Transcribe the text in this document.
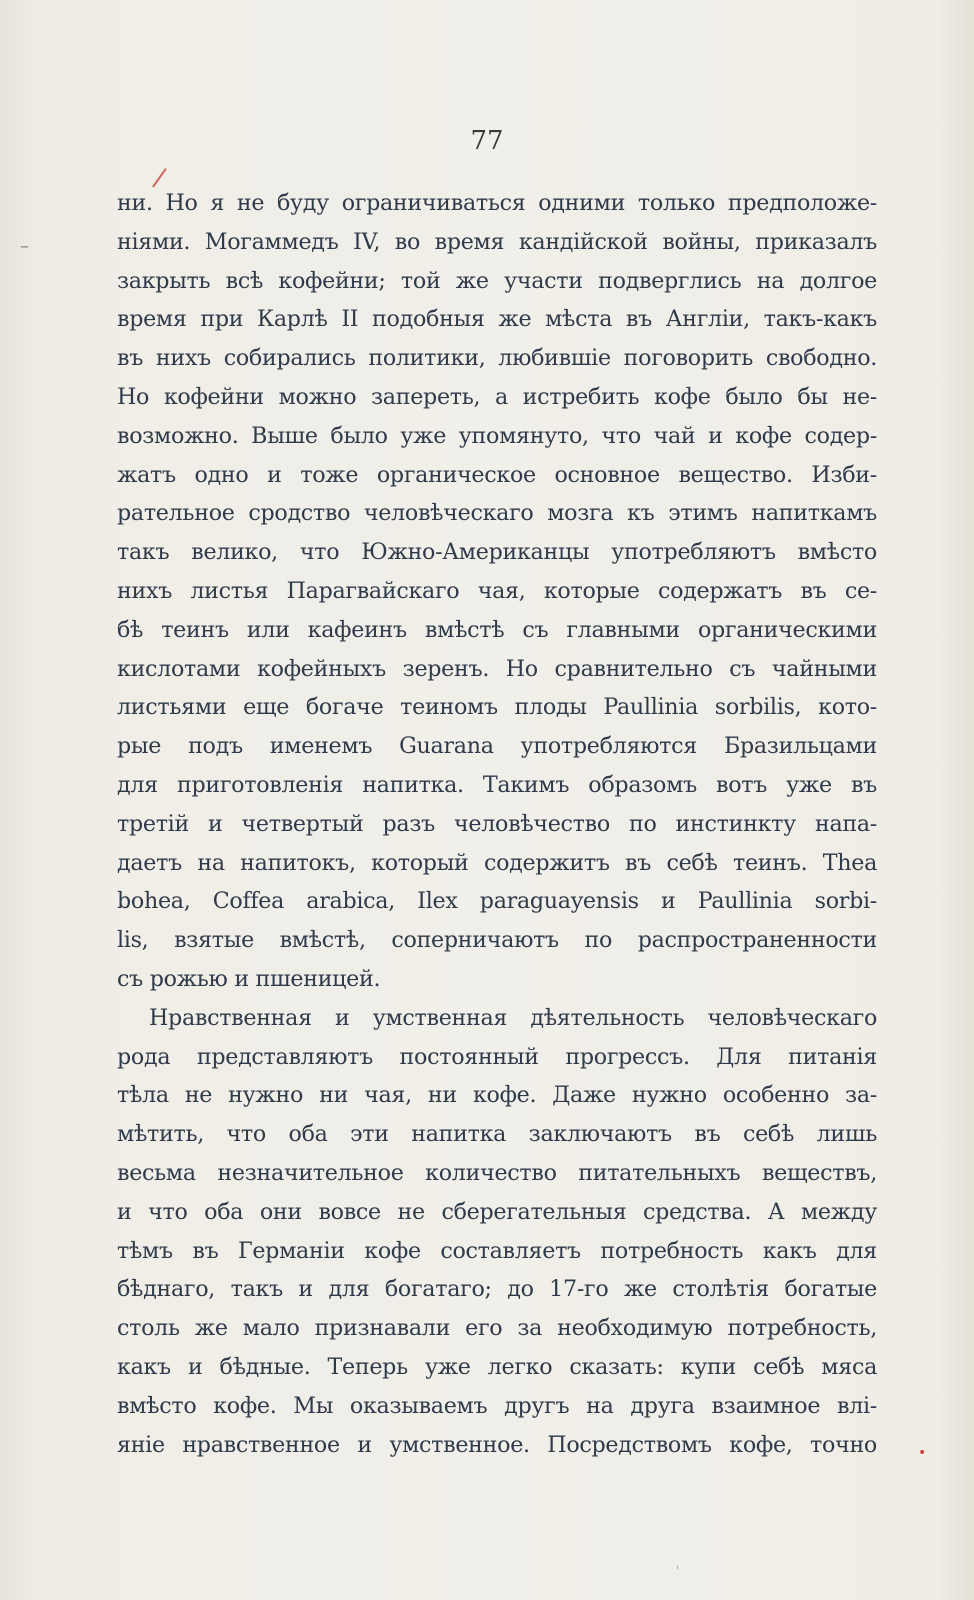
77
ни. Но я не буду ограничиваться одними только предположе-
ніями. Могаммедъ IV, во время кандійской войны, приказалъ
закрыть всѣ кофейни; той же участи подверглись на долгое
время при Карлѣ II подобныя же мѣста въ Англіи, такъ-какъ
въ нихъ собирались политики, любившіе поговорить свободно.
Но кофейни можно запереть, а истребить кофе было бы не-
возможно. Выше было уже упомянуто, что чай и кофе содер-
жатъ одно и тоже органическое основное вещество. Изби-
рательное сродство человѣческаго мозга къ этимъ напиткамъ
такъ велико, что Южно-Американцы употребляютъ вмѣсто
нихъ листья Парагвайскаго чая, которые содержатъ въ се-
бѣ теинъ или кафеинъ вмѣстѣ съ главными органическими
кислотами кофейныхъ зеренъ. Но сравнительно съ чайными
листьями еще богаче теиномъ плоды Paullinia sorbilis, кото-
рые подъ именемъ Guarana употребляются Бразильцами
для приготовленія напитка. Такимъ образомъ вотъ уже въ
третій и четвертый разъ человѣчество по инстинкту напа-
даетъ на напитокъ, который содержитъ въ себѣ теинъ. Thea
bohea, Coffea arabica, Ilex paraguayensis и Paullinia sorbi-
lis, взятые вмѣстѣ, соперничаютъ по распространенности
съ рожью и пшеницей.
Нравственная и умственная дѣятельность человѣческаго
рода представляютъ постоянный прогрессъ. Для питанія
тѣла не нужно ни чая, ни кофе. Даже нужно особенно за-
мѣтить, что оба эти напитка заключаютъ въ себѣ лишь
весьма незначительное количество питательныхъ веществъ,
и что оба они вовсе не сберегательныя средства. А между
тѣмъ въ Германіи кофе составляетъ потребность какъ для
бѣднаго, такъ и для богатаго; до 17-го же столѣтія богатые
столь же мало признавали его за необходимую потребность,
какъ и бѣдные. Теперь уже легко сказать: купи себѣ мяса
вмѣсто кофе. Мы оказываемъ другъ на друга взаимное влі-
яніе нравственное и умственное. Посредствомъ кофе, точно
/
–
•
ˈ
